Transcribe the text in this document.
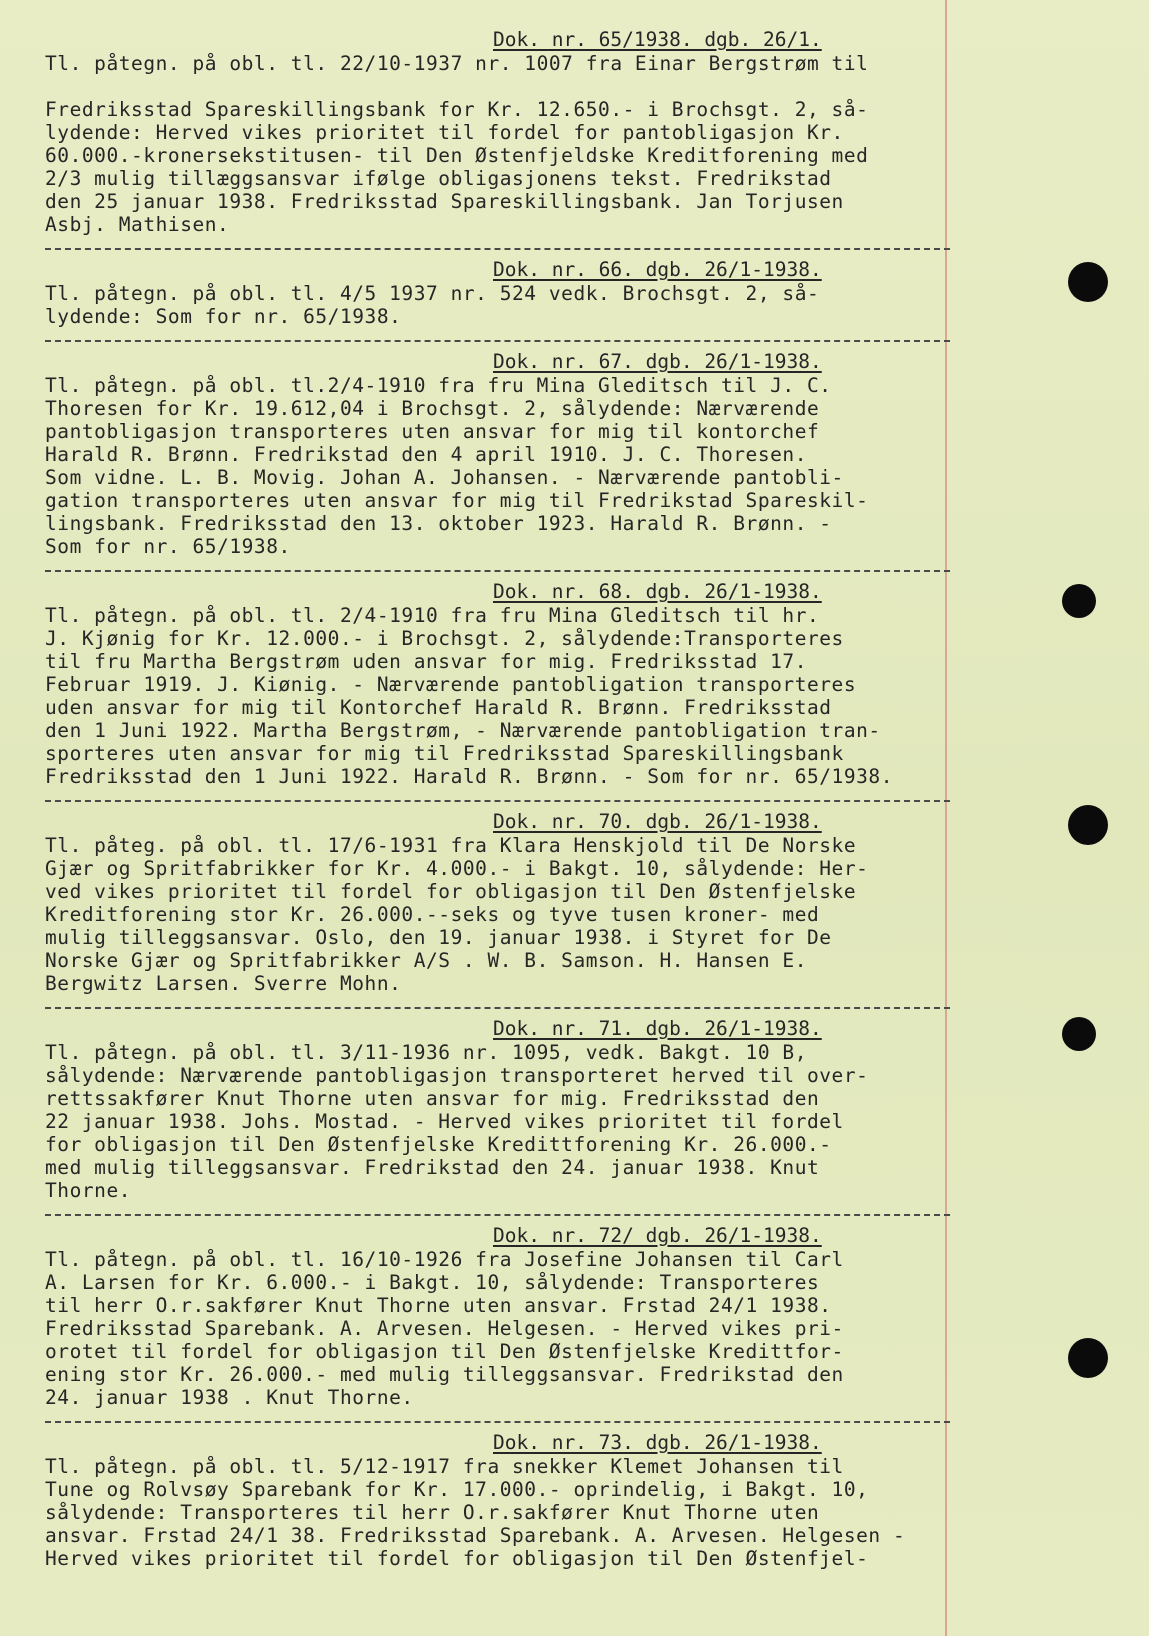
Dok. nr. 65/1938. dgb. 26/1.
Tl. påtegn. på obl. tl. 22/10-1937 nr. 1007 fra Einar Bergstrøm til
Fredriksstad Spareskillingsbank for Kr. 12.650.- i Brochsgt. 2, så-
lydende: Herved vikes prioritet til fordel for pantobligasjon Kr.
60.000.-kronersekstitusen- til Den Østenfjeldske Kreditforening med
2/3 mulig tillæggsansvar ifølge obligasjonens tekst. Fredrikstad
den 25 januar 1938. Fredriksstad Spareskillingsbank. Jan Torjusen
Asbj. Mathisen.
Dok. nr. 66. dgb. 26/1-1938.
Tl. påtegn. på obl. tl. 4/5 1937 nr. 524 vedk. Brochsgt. 2, så-
lydende: Som for nr. 65/1938.
Dok. nr. 67. dgb. 26/1-1938.
Tl. påtegn. på obl. tl.2/4-1910 fra fru Mina Gleditsch til J. C.
Thoresen for Kr. 19.612,04 i Brochsgt. 2, sålydende: Nærværende
pantobligasjon transporteres uten ansvar for mig til kontorchef
Harald R. Brønn. Fredrikstad den 4 april 1910. J. C. Thoresen.
Som vidne. L. B. Movig. Johan A. Johansen. - Nærværende pantobli-
gation transporteres uten ansvar for mig til Fredrikstad Spareskil-
lingsbank. Fredriksstad den 13. oktober 1923. Harald R. Brønn. -
Som for nr. 65/1938.
Dok. nr. 68. dgb. 26/1-1938.
Tl. påtegn. på obl. tl. 2/4-1910 fra fru Mina Gleditsch til hr.
J. Kjønig for Kr. 12.000.- i Brochsgt. 2, sålydende:Transporteres
til fru Martha Bergstrøm uden ansvar for mig. Fredriksstad 17.
Februar 1919. J. Kiønig. - Nærværende pantobligation transporteres
uden ansvar for mig til Kontorchef Harald R. Brønn. Fredriksstad
den 1 Juni 1922. Martha Bergstrøm, - Nærværende pantobligation tran-
sporteres uten ansvar for mig til Fredriksstad Spareskillingsbank
Fredriksstad den 1 Juni 1922. Harald R. Brønn. - Som for nr. 65/1938.
Dok. nr. 70. dgb. 26/1-1938.
Tl. påteg. på obl. tl. 17/6-1931 fra Klara Henskjold til De Norske
Gjær og Spritfabrikker for Kr. 4.000.- i Bakgt. 10, sålydende: Her-
ved vikes prioritet til fordel for obligasjon til Den Østenfjelske
Kreditforening stor Kr. 26.000.--seks og tyve tusen kroner- med
mulig tilleggsansvar. Oslo, den 19. januar 1938. i Styret for De
Norske Gjær og Spritfabrikker A/S . W. B. Samson. H. Hansen E.
Bergwitz Larsen. Sverre Mohn.
Dok. nr. 71. dgb. 26/1-1938.
Tl. påtegn. på obl. tl. 3/11-1936 nr. 1095, vedk. Bakgt. 10 B,
sålydende: Nærværende pantobligasjon transporteret herved til over-
rettssakfører Knut Thorne uten ansvar for mig. Fredriksstad den
22 januar 1938. Johs. Mostad. - Herved vikes prioritet til fordel
for obligasjon til Den Østenfjelske Kredittforening Kr. 26.000.-
med mulig tilleggsansvar. Fredrikstad den 24. januar 1938. Knut
Thorne.
Dok. nr. 72/ dgb. 26/1-1938.
Tl. påtegn. på obl. tl. 16/10-1926 fra Josefine Johansen til Carl
A. Larsen for Kr. 6.000.- i Bakgt. 10, sålydende: Transporteres
til herr O.r.sakfører Knut Thorne uten ansvar. Frstad 24/1 1938.
Fredriksstad Sparebank. A. Arvesen. Helgesen. - Herved vikes pri-
orotet til fordel for obligasjon til Den Østenfjelske Kredittfor-
ening stor Kr. 26.000.- med mulig tilleggsansvar. Fredrikstad den
24. januar 1938 . Knut Thorne.
Dok. nr. 73. dgb. 26/1-1938.
Tl. påtegn. på obl. tl. 5/12-1917 fra snekker Klemet Johansen til
Tune og Rolvsøy Sparebank for Kr. 17.000.- oprindelig, i Bakgt. 10,
sålydende: Transporteres til herr O.r.sakfører Knut Thorne uten
ansvar. Frstad 24/1 38. Fredriksstad Sparebank. A. Arvesen. Helgesen -
Herved vikes prioritet til fordel for obligasjon til Den Østenfjel-
